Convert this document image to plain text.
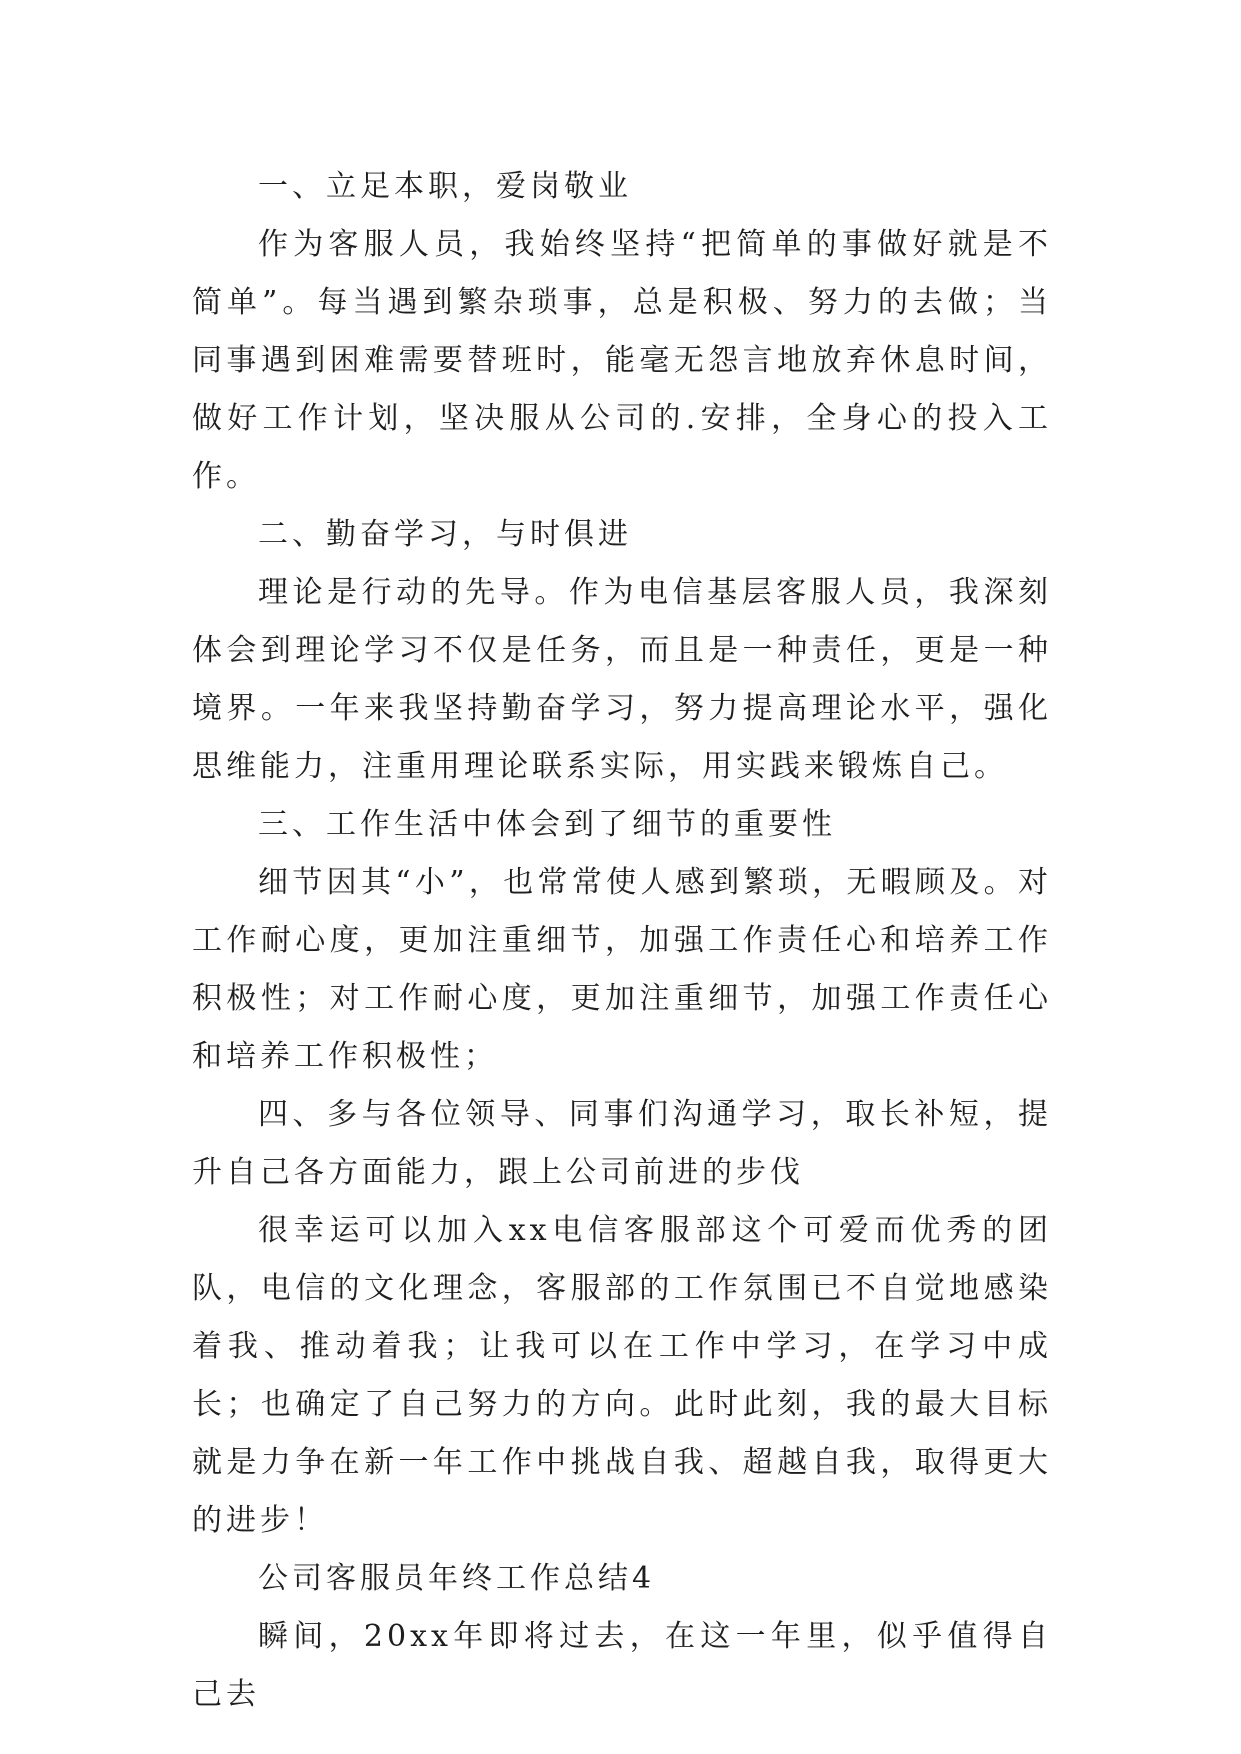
一、立足本职，爱岗敬业

作为客服人员，我始终坚持“把简单的事做好就是不简单”。每当遇到繁杂琐事，总是积极、努力的去做；当同事遇到困难需要替班时，能毫无怨言地放弃休息时间，做好工作计划，坚决服从公司的.安排，全身心的投入工作。

二、勤奋学习，与时俱进

理论是行动的先导。作为电信基层客服人员，我深刻体会到理论学习不仅是任务，而且是一种责任，更是一种境界。一年来我坚持勤奋学习，努力提高理论水平，强化思维能力，注重用理论联系实际，用实践来锻炼自己。

三、工作生活中体会到了细节的重要性

细节因其“小”，也常常使人感到繁琐，无暇顾及。对工作耐心度，更加注重细节，加强工作责任心和培养工作积极性；对工作耐心度，更加注重细节，加强工作责任心和培养工作积极性；

四、多与各位领导、同事们沟通学习，取长补短，提升自己各方面能力，跟上公司前进的步伐

很幸运可以加入xx电信客服部这个可爱而优秀的团队，电信的文化理念，客服部的工作氛围已不自觉地感染着我、推动着我；让我可以在工作中学习，在学习中成长；也确定了自己努力的方向。此时此刻，我的最大目标就是力争在新一年工作中挑战自我、超越自我，取得更大的进步！

公司客服员年终工作总结4

瞬间，20xx年即将过去，在这一年里，似乎值得自己去
